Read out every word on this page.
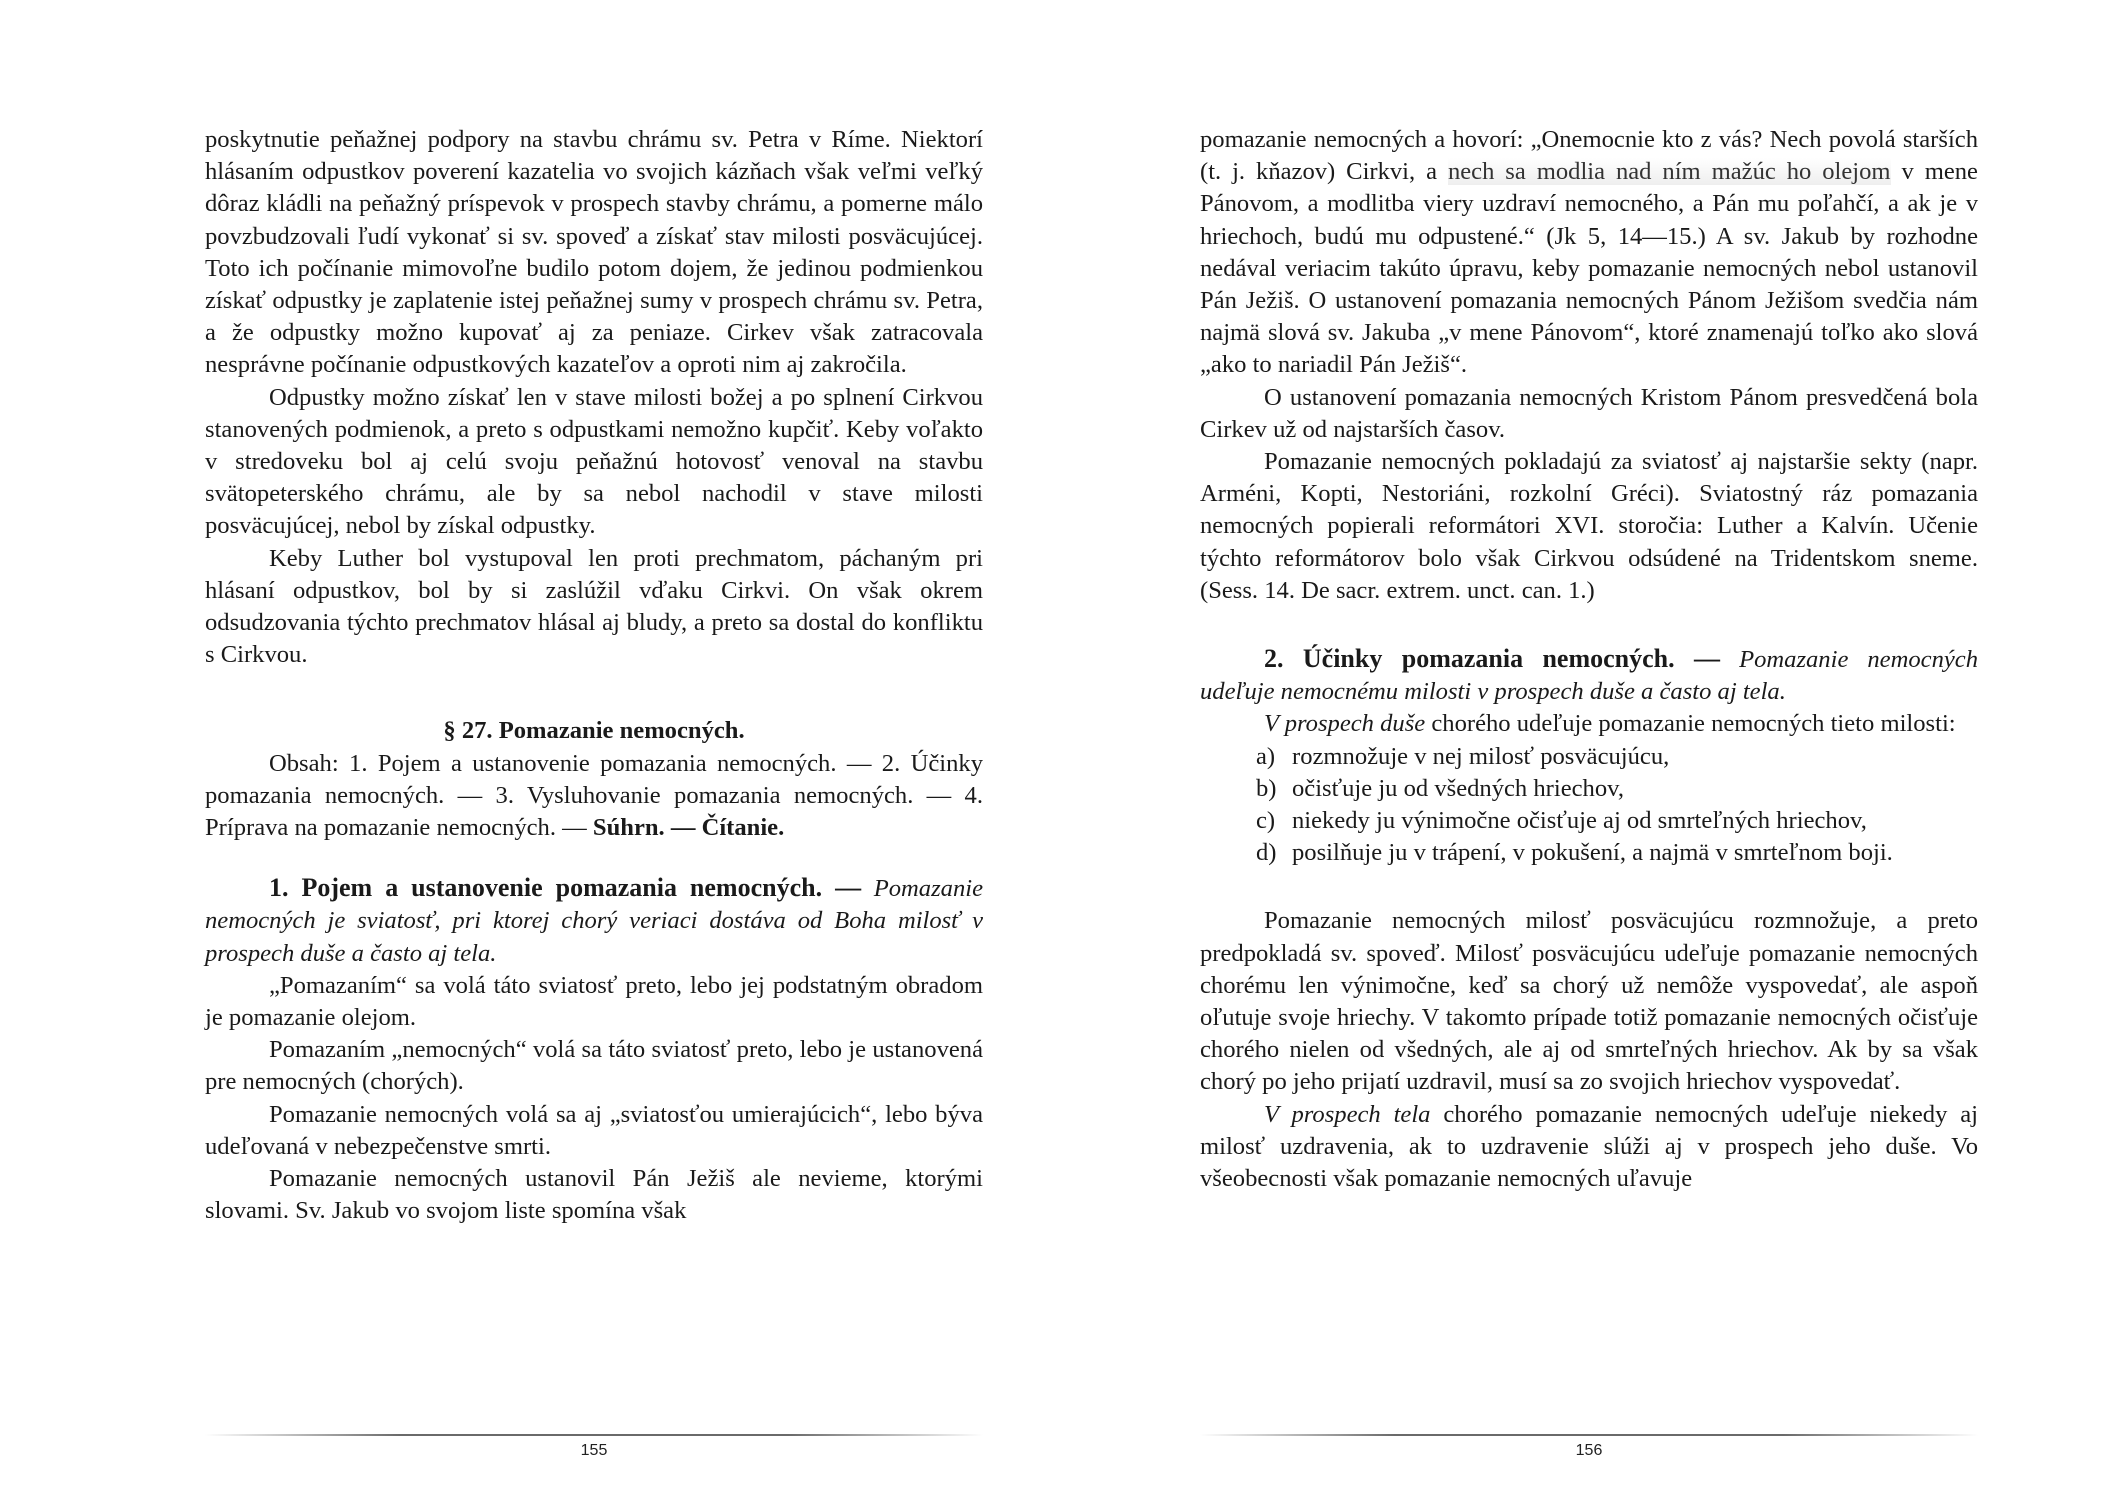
poskytnutie peňažnej podpory na stavbu chrámu sv. Petra v Ríme. Niektorí hlásaním odpustkov poverení kazatelia vo svojich kázňach však veľmi veľký dôraz kládli na peňažný príspevok v prospech stavby chrámu, a pomerne málo povzbudzovali ľudí vykonať si sv. spoveď a získať stav milosti posväcujúcej. Toto ich počínanie mimovoľne budilo potom dojem, že jedinou podmienkou získať odpustky je zaplatenie istej peňažnej sumy v prospech chrámu sv. Petra, a že odpustky možno kupovať aj za peniaze. Cirkev však zatracovala nesprávne počínanie odpustkových kazateľov a oproti nim aj zakročila.

Odpustky možno získať len v stave milosti božej a po splnení Cirkvou stanovených podmienok, a preto s odpustkami nemožno kupčiť. Keby voľakto v stredoveku bol aj celú svoju peňažnú hotovosť venoval na stavbu svätopeterského chrámu, ale by sa nebol nachodil v stave milosti posväcujúcej, nebol by získal odpustky.

Keby Luther bol vystupoval len proti prechmatom, páchaným pri hlásaní odpustkov, bol by si zaslúžil vďaku Cirkvi. On však okrem odsudzovania týchto prechmatov hlásal aj bludy, a preto sa dostal do konfliktu s Cirkvou.

§ 27. Pomazanie nemocných.

Obsah: 1. Pojem a ustanovenie pomazania nemocných. — 2. Účinky pomazania nemocných. — 3. Vysluhovanie pomazania nemocných. — 4. Príprava na pomazanie nemocných. — Súhrn. — Čítanie.

1. Pojem a ustanovenie pomazania nemocných. — Pomazanie nemocných je sviatosť, pri ktorej chorý veriaci dostáva od Boha milosť v prospech duše a často aj tela.

„Pomazaním“ sa volá táto sviatosť preto, lebo jej podstatným obradom je pomazanie olejom.

Pomazaním „nemocných“ volá sa táto sviatosť preto, lebo je ustanovená pre nemocných (chorých).

Pomazanie nemocných volá sa aj „sviatosťou umierajúcich“, lebo býva udeľovaná v nebezpečenstve smrti.

Pomazanie nemocných ustanovil Pán Ježiš ale nevieme, ktorými slovami. Sv. Jakub vo svojom liste spomína však

pomazanie nemocných a hovorí: „Onemocnie kto z vás? Nech povolá starších (t. j. kňazov) Cirkvi, a nech sa modlia nad ním mažúc ho olejom v mene Pánovom, a modlitba viery uzdraví nemocného, a Pán mu poľahčí, a ak je v hriechoch, budú mu odpustené.“ (Jk 5, 14—15.) A sv. Jakub by rozhodne nedával veriacim takúto úpravu, keby pomazanie nemocných nebol ustanovil Pán Ježiš. O ustanovení pomazania nemocných Pánom Ježišom svedčia nám najmä slová sv. Jakuba „v mene Pánovom“, ktoré znamenajú toľko ako slová „ako to nariadil Pán Ježiš“.

O ustanovení pomazania nemocných Kristom Pánom presvedčená bola Cirkev už od najstarších časov.

Pomazanie nemocných pokladajú za sviatosť aj najstaršie sekty (napr. Arméni, Kopti, Nestoriáni, rozkolní Gréci). Sviatostný ráz pomazania nemocných popierali reformátori XVI. storočia: Luther a Kalvín. Učenie týchto reformátorov bolo však Cirkvou odsúdené na Tridentskom sneme. (Sess. 14. De sacr. extrem. unct. can. 1.)

2. Účinky pomazania nemocných. — Pomazanie nemocných udeľuje nemocnému milosti v prospech duše a často aj tela.

V prospech duše chorého udeľuje pomazanie nemocných tieto milosti:

a) rozmnožuje v nej milosť posväcujúcu,
b) očisťuje ju od všedných hriechov,
c) niekedy ju výnimočne očisťuje aj od smrteľných hriechov,
d) posilňuje ju v trápení, v pokušení, a najmä v smrteľnom boji.

Pomazanie nemocných milosť posväcujúcu rozmnožuje, a preto predpokladá sv. spoveď. Milosť posväcujúcu udeľuje pomazanie nemocných chorému len výnimočne, keď sa chorý už nemôže vyspovedať, ale aspoň oľutuje svoje hriechy. V takomto prípade totiž pomazanie nemocných očisťuje chorého nielen od všedných, ale aj od smrteľných hriechov. Ak by sa však chorý po jeho prijatí uzdravil, musí sa zo svojich hriechov vyspovedať.

V prospech tela chorého pomazanie nemocných udeľuje niekedy aj milosť uzdravenia, ak to uzdravenie slúži aj v prospech jeho duše. Vo všeobecnosti však pomazanie nemocných uľavuje

155	156
